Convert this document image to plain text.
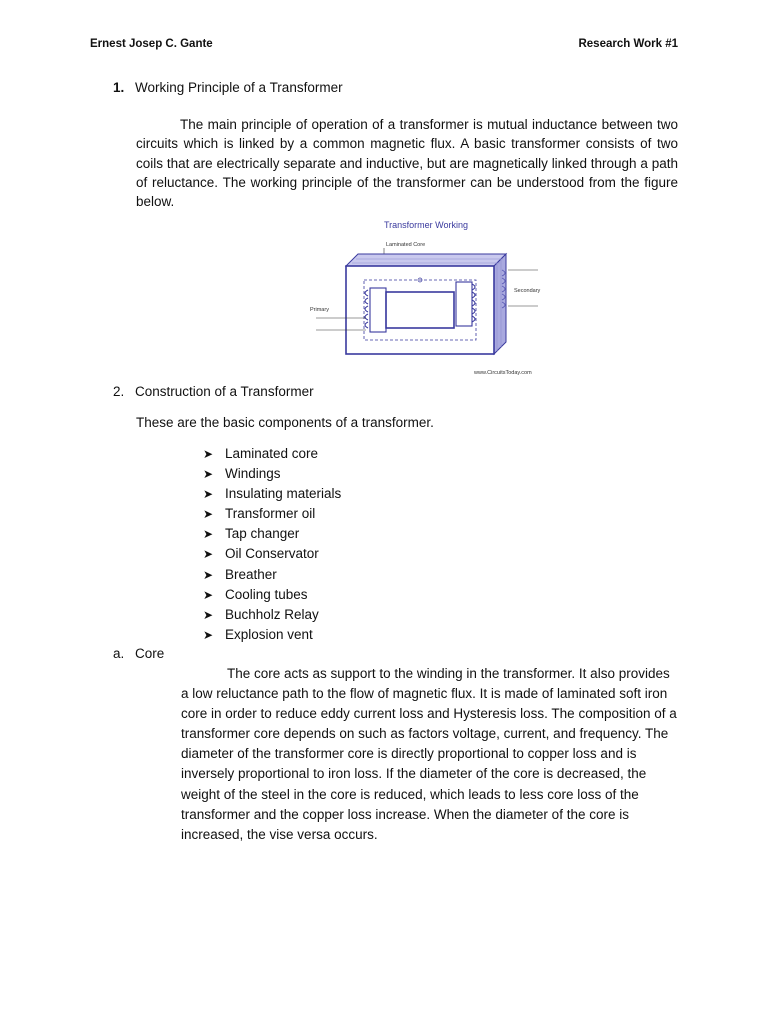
Ernest Josep C. Gante	Research Work #1
1. Working Principle of a Transformer

The main principle of operation of a transformer is mutual inductance between two circuits which is linked by a common magnetic flux. A basic transformer consists of two coils that are electrically separate and inductive, but are magnetically linked through a path of reluctance. The working principle of the transformer can be understood from the figure below.

Transformer Working
Laminated Core
Primary
Secondary
www.CircuitsToday.com
2. Construction of a Transformer
These are the basic components of a transformer.
➤ Laminated core
➤ Windings
➤ Insulating materials
➤ Transformer oil
➤ Tap changer
➤ Oil Conservator
➤ Breather
➤ Cooling tubes
➤ Buchholz Relay
➤ Explosion vent
a. Core

The core acts as support to the winding in the transformer. It also provides a low reluctance path to the flow of magnetic flux. It is made of laminated soft iron core in order to reduce eddy current loss and Hysteresis loss. The composition of a transformer core depends on such as factors voltage, current, and frequency. The diameter of the transformer core is directly proportional to copper loss and is inversely proportional to iron loss. If the diameter of the core is decreased, the weight of the steel in the core is reduced, which leads to less core loss of the transformer and the copper loss increase. When the diameter of the core is increased, the vise versa occurs.
